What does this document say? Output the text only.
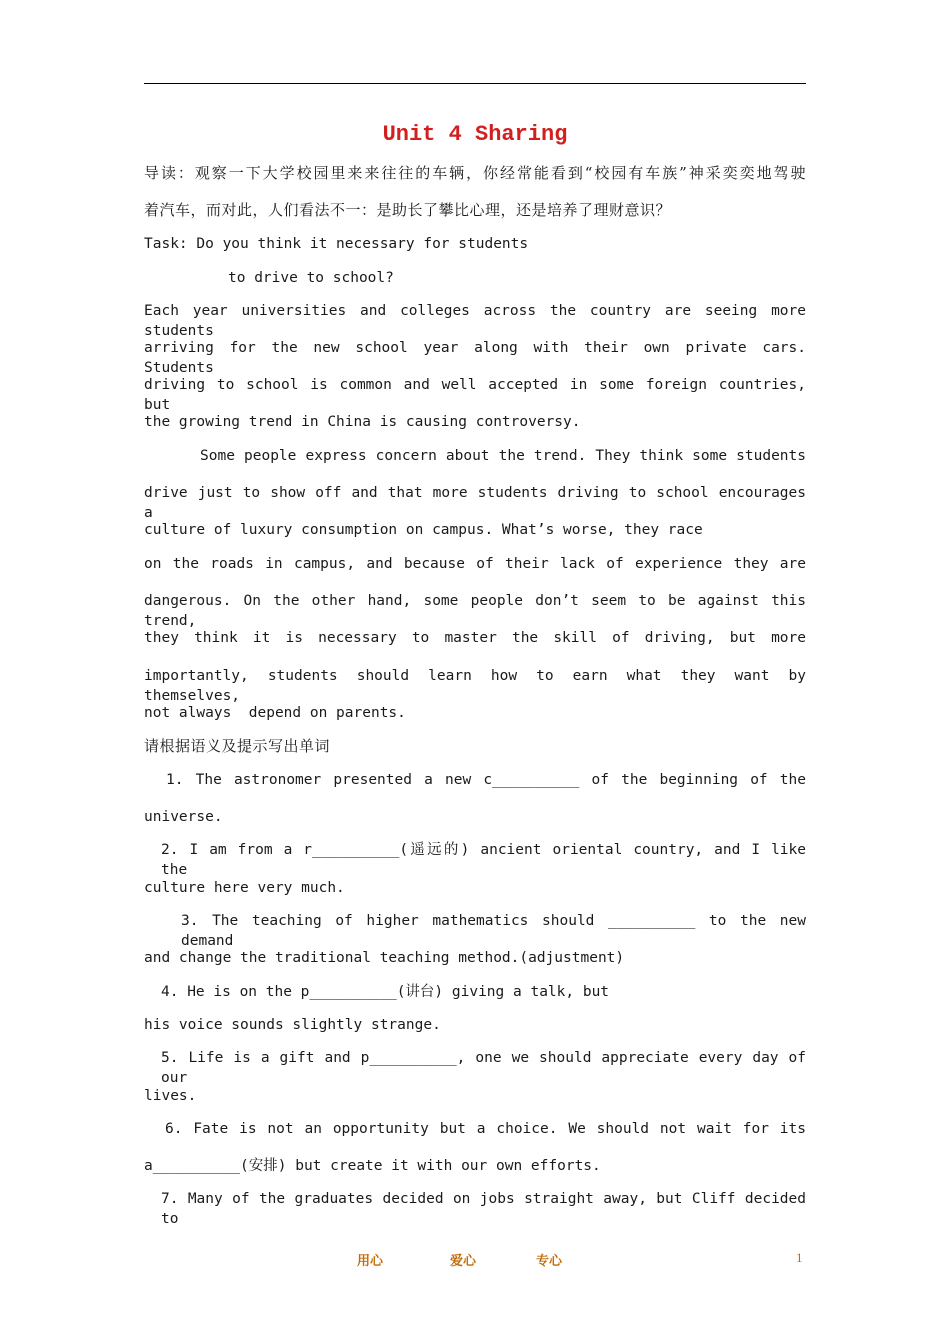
Unit 4 Sharing
导读：观察一下大学校园里来来往往的车辆，你经常能看到“校园有车族”神采奕奕地驾驶
着汽车，而对此，人们看法不一：是助长了攀比心理，还是培养了理财意识？
Task: Do you think it necessary for students
to drive to school?
Each year universities and colleges across the country are seeing more students
arriving for the new school year along with their own private cars. Students
driving to school is common and well accepted in some foreign countries, but
the growing trend in China is causing controversy.
Some people express concern about the trend. They think some students
drive just to show off and that more students driving to school encourages a
culture of luxury consumption on campus. What’s worse, they race
on the roads in campus, and because of their lack of experience they are
dangerous. On the other hand, some people don’t seem to be against this trend,
they think it is necessary to master the skill of driving, but more
importantly, students should learn how to earn what they want by themselves,
not always  depend on parents.
请根据语义及提示写出单词
1. The astronomer presented a new c__________ of the beginning of the
universe.
2. I am from a r__________(遥远的) ancient oriental country, and I like the
culture here very much.
3. The teaching of higher mathematics should __________ to the new demand
and change the traditional teaching method.(adjustment)
4. He is on the p__________(讲台) giving a talk, but
his voice sounds slightly strange.
5. Life is a gift and p__________, one we should appreciate every day of our
lives.
6. Fate is not an opportunity but a choice. We should not wait for its
a__________(安排) but create it with our own efforts.
7. Many of the graduates decided on jobs straight away, but Cliff decided to
用心	爱心	专心	1
